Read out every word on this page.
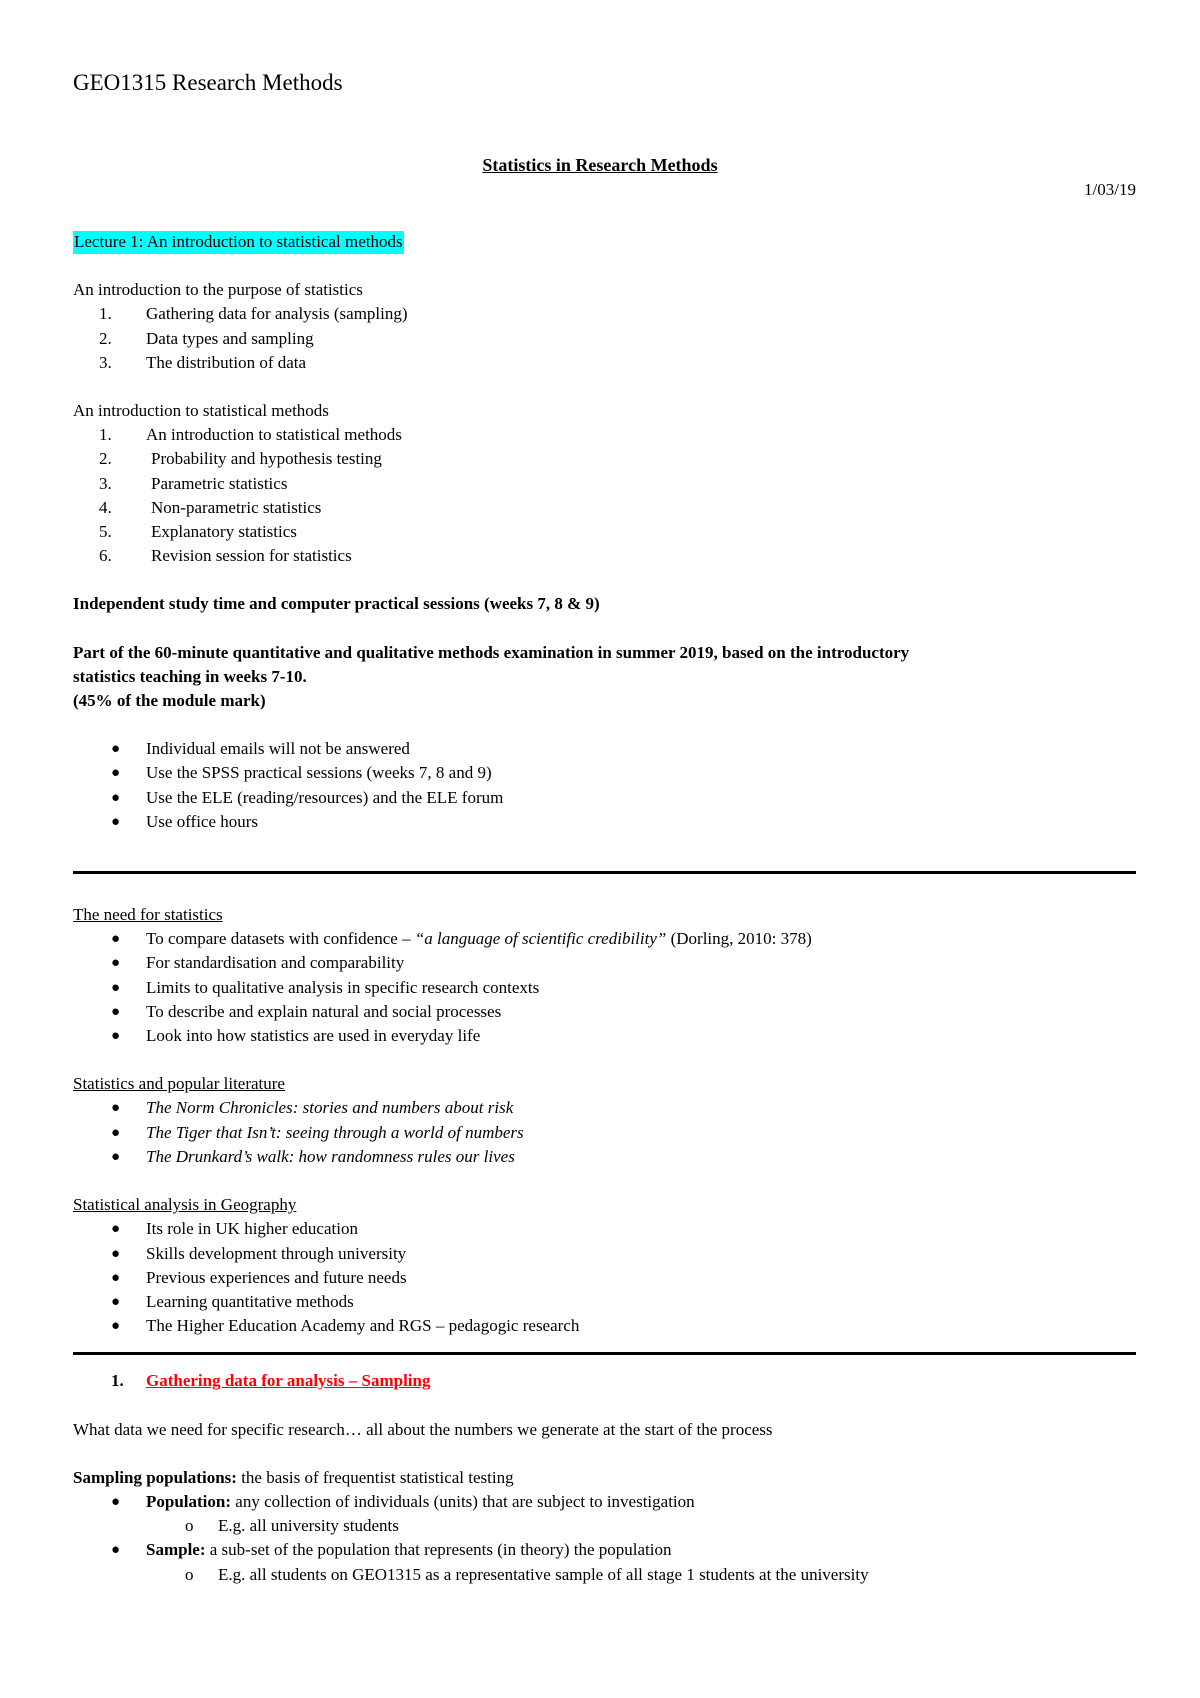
GEO1315 Research Methods
Statistics in Research Methods
1/03/19

Lecture 1: An introduction to statistical methods

An introduction to the purpose of statistics

1. Gathering data for analysis (sampling)
2. Data types and sampling
3. The distribution of data

An introduction to statistical methods

1. An introduction to statistical methods
2. Probability and hypothesis testing
3. Parametric statistics
4. Non-parametric statistics
5. Explanatory statistics
6. Revision session for statistics

Independent study time and computer practical sessions (weeks 7, 8 & 9)

Part of the 60-minute quantitative and qualitative methods examination in summer 2019, based on the introductory

statistics teaching in weeks 7-10.

(45% of the module mark)

● Individual emails will not be answered
● Use the SPSS practical sessions (weeks 7, 8 and 9)
● Use the ELE (reading/resources) and the ELE forum
● Use office hours

The need for statistics

● To compare datasets with confidence – “a language of scientific credibility” (Dorling, 2010: 378)
● For standardisation and comparability
● Limits to qualitative analysis in specific research contexts
● To describe and explain natural and social processes
● Look into how statistics are used in everyday life

Statistics and popular literature

● The Norm Chronicles: stories and numbers about risk
● The Tiger that Isn’t: seeing through a world of numbers
● The Drunkard’s walk: how randomness rules our lives

Statistical analysis in Geography

● Its role in UK higher education
● Skills development through university
● Previous experiences and future needs
● Learning quantitative methods
● The Higher Education Academy and RGS – pedagogic research

1. Gathering data for analysis – Sampling

What data we need for specific research… all about the numbers we generate at the start of the process

Sampling populations: the basis of frequentist statistical testing

● Population: any collection of individuals (units) that are subject to investigation
o E.g. all university students
● Sample: a sub-set of the population that represents (in theory) the population
o E.g. all students on GEO1315 as a representative sample of all stage 1 students at the university
